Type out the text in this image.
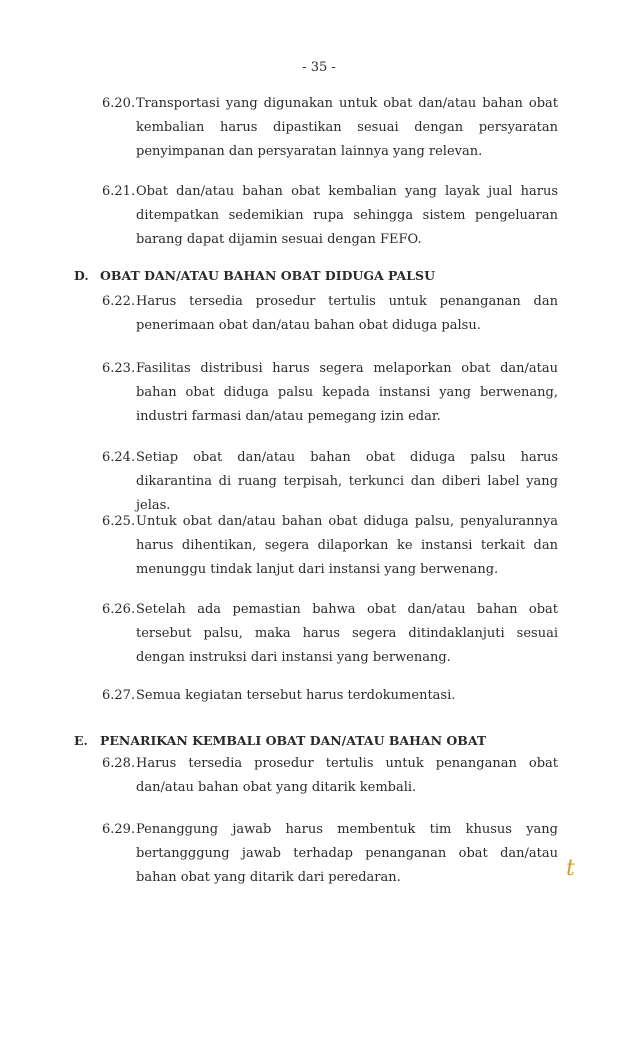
- 35 -
6.20. Transportasi yang digunakan untuk obat dan/atau bahan obat kembalian harus dipastikan sesuai dengan persyaratan penyimpanan dan persyaratan lainnya yang relevan.
6.21. Obat dan/atau bahan obat kembalian yang layak jual harus ditempatkan sedemikian rupa sehingga sistem pengeluaran barang dapat dijamin sesuai dengan FEFO.
D. OBAT DAN/ATAU BAHAN OBAT DIDUGA PALSU
6.22. Harus tersedia prosedur tertulis untuk penanganan dan penerimaan obat dan/atau bahan obat diduga palsu.
6.23. Fasilitas distribusi harus segera melaporkan obat dan/atau bahan obat diduga palsu kepada instansi yang berwenang, industri farmasi dan/atau pemegang izin edar.
6.24. Setiap obat dan/atau bahan obat diduga palsu harus dikarantina di ruang terpisah, terkunci dan diberi label yang jelas.
6.25. Untuk obat dan/atau bahan obat diduga palsu, penyalurannya harus dihentikan, segera dilaporkan ke instansi terkait dan menunggu tindak lanjut dari instansi yang berwenang.
6.26. Setelah ada pemastian bahwa obat dan/atau bahan obat tersebut palsu, maka harus segera ditindaklanjuti sesuai dengan instruksi dari instansi yang berwenang.
6.27. Semua kegiatan tersebut harus terdokumentasi.
E. PENARIKAN KEMBALI OBAT DAN/ATAU BAHAN OBAT
6.28. Harus tersedia prosedur tertulis untuk penanganan obat dan/atau bahan obat yang ditarik kembali.
6.29. Penanggung jawab harus membentuk tim khusus yang bertangggung jawab terhadap penanganan obat dan/atau bahan obat yang ditarik dari peredaran.	t
